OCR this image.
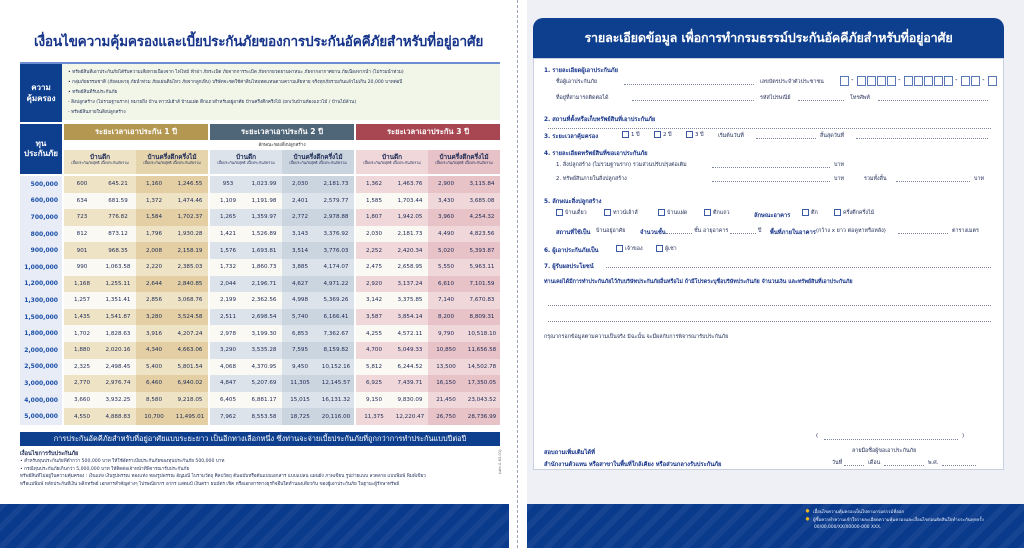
เงื่อนไขความคุ้มครองและเบี้ยประกันภัยของการประกันอัคคีภัยสำหรับที่อยู่อาศัย
ความ
คุ้มครอง
• ทรัพย์สินที่เอาประกันภัยได้รับความเสียหายเนื่องจาก ไฟไหม้ ฟ้าผ่า ภัยระเบิด ภัยจากการระเบิด ภัยจากยวดยานพาหนะ ภัยจากอากาศยาน ภัยเนื่องจากน้ำ (ไม่รวมน้ำท่วม)
• กลุ่มภัยธรรมชาติ (ภัยลมพายุ ภัยน้ำท่วม ภัยแผ่นดินไหว ภัยจากลูกเห็บ) บริษัทจะชดใช้ค่าสินไหมทดแทนตามความเสียหาย จริงทุกภัยรวมกันแล้วไม่เกิน 20,000 บาทต่อปี
• ทรัพย์สินที่รับประกันภัย
- สิ่งปลูกสร้าง (ไม่รวมฐานราก) หมายถึง บ้าน ทาวน์เฮ้าส์ บ้านแฝด ตึกแถวสำหรับอยู่อาศัย บ้านครึ่งตึกครึ่งไม้ (ยกเว้นบ้านห้องแถวไม้ / บ้านไม้ล้วน)
- ทรัพย์สินภายในสิ่งปลูกสร้าง
ทุน
ประกันภัย
ระยะเวลาเอาประกัน 1 ปี
บ้านตึก
เบี้ยประกันภัยสุทธิ เบี้ยประกันภัยรวม
บ้านครึ่งตึกครึ่งไม้
เบี้ยประกันภัยสุทธิ เบี้ยประกันภัยรวม
ระยะเวลาเอาประกัน 2 ปี
ลักษณะของสิ่งปลูกสร้าง
บ้านตึก
เบี้ยประกันภัยสุทธิ เบี้ยประกันภัยรวม
บ้านครึ่งตึกครึ่งไม้
เบี้ยประกันภัยสุทธิ เบี้ยประกันภัยรวม
ระยะเวลาเอาประกัน 3 ปี
บ้านตึก
เบี้ยประกันภัยสุทธิ เบี้ยประกันภัยรวม
บ้านครึ่งตึกครึ่งไม้
เบี้ยประกันภัยสุทธิ เบี้ยประกันภัยรวม
500,000	600	645.21	1,160	1,246.55	953	1,023.99	2,030	2,181.73	1,362	1,463.76	2,900	3,115.84
600,000	634	681.59	1,372	1,474.46	1,109	1,191.98	2,401	2,579.77	1,585	1,703.44	3,430	3,685.08
700,000	723	776.82	1,584	1,702.37	1,265	1,359.97	2,772	2,978.88	1,807	1,942.05	3,960	4,254.32
800,000	812	873.12	1,796	1,930.28	1,421	1,526.89	3,143	3,376.92	2,030	2,181.73	4,490	4,823.56
900,000	901	968.35	2,008	2,158.19	1,576	1,693.81	3,514	3,776.03	2,252	2,420.34	5,020	5,393.87
1,000,000	990	1,063.58	2,220	2,385.03	1,732	1,860.73	3,885	4,174.07	2,475	2,658.95	5,550	5,963.11
1,200,000	1,168	1,255.11	2,644	2,840.85	2,044	2,196.71	4,627	4,971.22	2,920	3,137.24	6,610	7,101.59
1,300,000	1,257	1,351.41	2,856	3,068.76	2,199	2,362.56	4,998	5,369.26	3,142	3,375.85	7,140	7,670.83
1,500,000	1,435	1,541.87	3,280	3,524.58	2,511	2,698.54	5,740	6,166.41	3,587	3,854.14	8,200	8,809.31
1,800,000	1,702	1,828.63	3,916	4,207.24	2,978	3,199.30	6,853	7,362.67	4,255	4,572.11	9,790	10,518.10
2,000,000	1,880	2,020.16	4,340	4,663.06	3,290	3,535.28	7,595	8,159.82	4,700	5,049.33	10,850	11,656.58
2,500,000	2,325	2,498.45	5,400	5,801.54	4,068	4,370.95	9,450	10,152.16	5,812	6,244.52	13,500	14,502.78
3,000,000	2,770	2,976.74	6,460	6,940.02	4,847	5,207.69	11,305	12,145.57	6,925	7,439.71	16,150	17,350.05
4,000,000	3,660	3,932.25	8,580	9,218.05	6,405	6,881.17	15,015	16,131.32	9,150	9,830.09	21,450	23,043.52
5,000,000	4,550	4,888.83	10,700	11,495.01	7,962	8,553.58	18,725	20,116.00	11,375	12,220.47	26,750	28,736.99
การประกันอัคคีภัยสำหรับที่อยู่อาศัยแบบระยะยาว เป็นอีกทางเลือกหนึ่ง ซึ่งท่านจะจ่ายเบี้ยประกันภัยที่ถูกกว่าการทำประกันแบบปีต่อปี
เงื่อนไขการรับประกันภัย
• สำหรับทุนประกันภัยที่ต่ำกว่า 500,000 บาท ให้ใช้อัตราเบี้ยประกันภัยของทุนประกันภัย 500,000 บาท
• กรณีทุนประกันภัยเกินกว่า 5,000,000 บาท ให้ติดต่อเจ้าหน้าที่พิจารณารับประกันภัย
ทรัพย์สินที่ไม่อยู่ในความคุ้มครอง : เงินแท่ง เงินรูปพรรณ ทองแท่ง ทองรูปพรรณ อัญมณี ไบรามวัตถุ ศิลปวัตถุ ต้นฉบับหรือต้นแบบเอกสาร แบบแปลน แผนผัง ภาพเขียน รูปถ่ายแบบ ลวดลาย แบบพิมพ์ พิมพ์เขียว
หรือแม่พิมพ์ หลักประกันที่เงิน พลิกทรัพย์ เอกสารสำคัญต่างๆ ไปรษณียากร อากร แสตมป์ เงินตรา ธนบัตร เช็ค หรือเอกสารทางธุรกิจอื่นใดทำนองเดียวกัน ของผู้เอาประกันภัย ในฐานะผู้รักษาทรัพย์
(ฝศก.0-63-01)
รายละเอียดข้อมูล เพื่อการทำกรมธรรม์ประกันอัคคีภัยสำหรับที่อยู่อาศัย
1. รายละเอียดผู้เอาประกันภัย
ชื่อผู้เอาประกันภัย	เลขบัตรประจำตัวประชาชน
ที่อยู่ที่สามารถติดต่อได้	รหัสไปรษณีย์	โทรศัพท์
2. สถานที่ตั้งหรือเก็บทรัพย์สินที่เอาประกันภัย
3. ระยะเวลาคุ้มครอง	1 ปี	2 ปี	3 ปี	เริ่มต้นวันที่	สิ้นสุดวันที่
4. รายละเอียดทรัพย์สินที่ขอเอาประกันภัย
1. สิ่งปลูกสร้าง (ไม่รวมฐานราก) รวมส่วนปรับปรุงต่อเติม	บาท
2. ทรัพย์สินภายในสิ่งปลูกสร้าง	บาท	รวมทั้งสิ้น	บาท
5. ลักษณะสิ่งปลูกสร้าง
บ้านเดี่ยว	ทาวน์เฮ้าส์	บ้านแฝด	ตึกแถว	ลักษณะอาคาร	ตึก	ครึ่งตึกครึ่งไม้
สถานที่ใช้เป็น บ้านอยู่อาศัย	จำนวนชั้น	ชั้น อายุอาคาร	ปี พื้นที่ภายในอาคาร (กว้าง x ยาว ต่อคูหาหรือหลัง)	ตารางเมตร
6. ผู้เอาประกันภัยเป็น	เจ้าของ	ผู้เช่า
7. ผู้รับผลประโยชน์
ท่านเคยได้มีการทำประกันภัยไว้กับบริษัทประกันภัยอื่นหรือไม่ ถ้ามีโปรดระบุชื่อบริษัทประกันภัย จำนวนเงิน และทรัพย์สินที่เอาประกันภัย
กรุณากรอกข้อมูลตามความเป็นจริง มิฉะนั้น จะมีผลกับการพิจารณารับประกันภัย
(	)
ลายมือชื่อผู้ขอเอาประกันภัย
วันที่	เดือน	พ.ศ.
สอบถามเพิ่มเติมได้ที่
สำนักงานตัวแทน หรือสาขาในพื้นที่ใกล้เคียง หรือส่วนกลางรับประกันภัย
-	-	-	-
✸ เอื้อนไขความคุ้มครองเป็นไปตามกรมธรรม์ที่ออก
✸ ผู้ซื้อควรทำความเข้าใจรายละเอียดความคุ้มครองและเงื่อนไขก่อนตัดสินใจทำประกันทุกครั้ง
00/00,000/XX/X0000-000 XXX.
